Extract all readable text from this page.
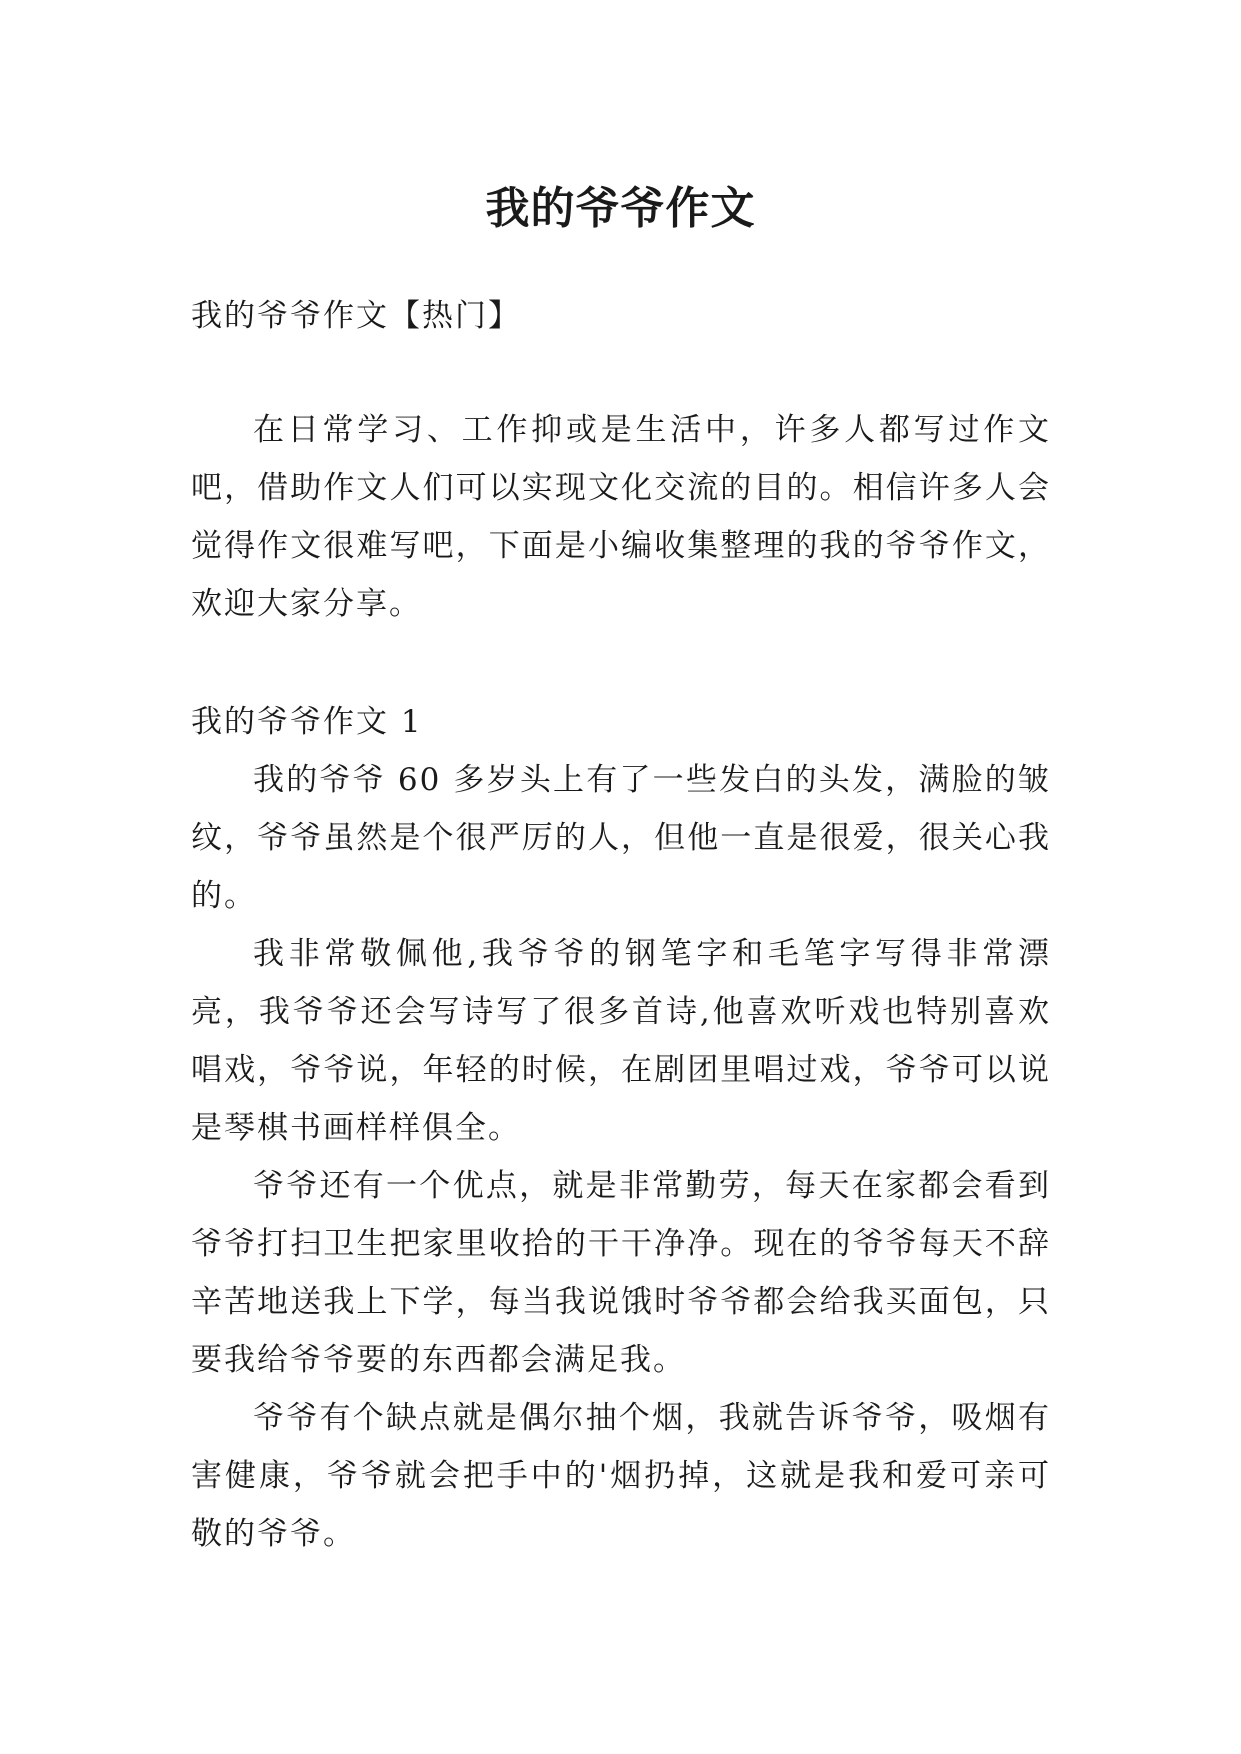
我的爷爷作文

我的爷爷作文【热门】

在日常学习、工作抑或是生活中，许多人都写过作文吧，借助作文人们可以实现文化交流的目的。相信许多人会觉得作文很难写吧，下面是小编收集整理的我的爷爷作文，欢迎大家分享。

我的爷爷作文 1

我的爷爷 60 多岁头上有了一些发白的头发，满脸的皱纹，爷爷虽然是个很严厉的人，但他一直是很爱，很关心我的。

我非常敬佩他,我爷爷的钢笔字和毛笔字写得非常漂亮，我爷爷还会写诗写了很多首诗,他喜欢听戏也特别喜欢唱戏，爷爷说，年轻的时候，在剧团里唱过戏，爷爷可以说是琴棋书画样样俱全。

爷爷还有一个优点，就是非常勤劳，每天在家都会看到爷爷打扫卫生把家里收拾的干干净净。现在的爷爷每天不辞辛苦地送我上下学，每当我说饿时爷爷都会给我买面包，只要我给爷爷要的东西都会满足我。

爷爷有个缺点就是偶尔抽个烟，我就告诉爷爷，吸烟有害健康，爷爷就会把手中的'烟扔掉，这就是我和爱可亲可敬的爷爷。
